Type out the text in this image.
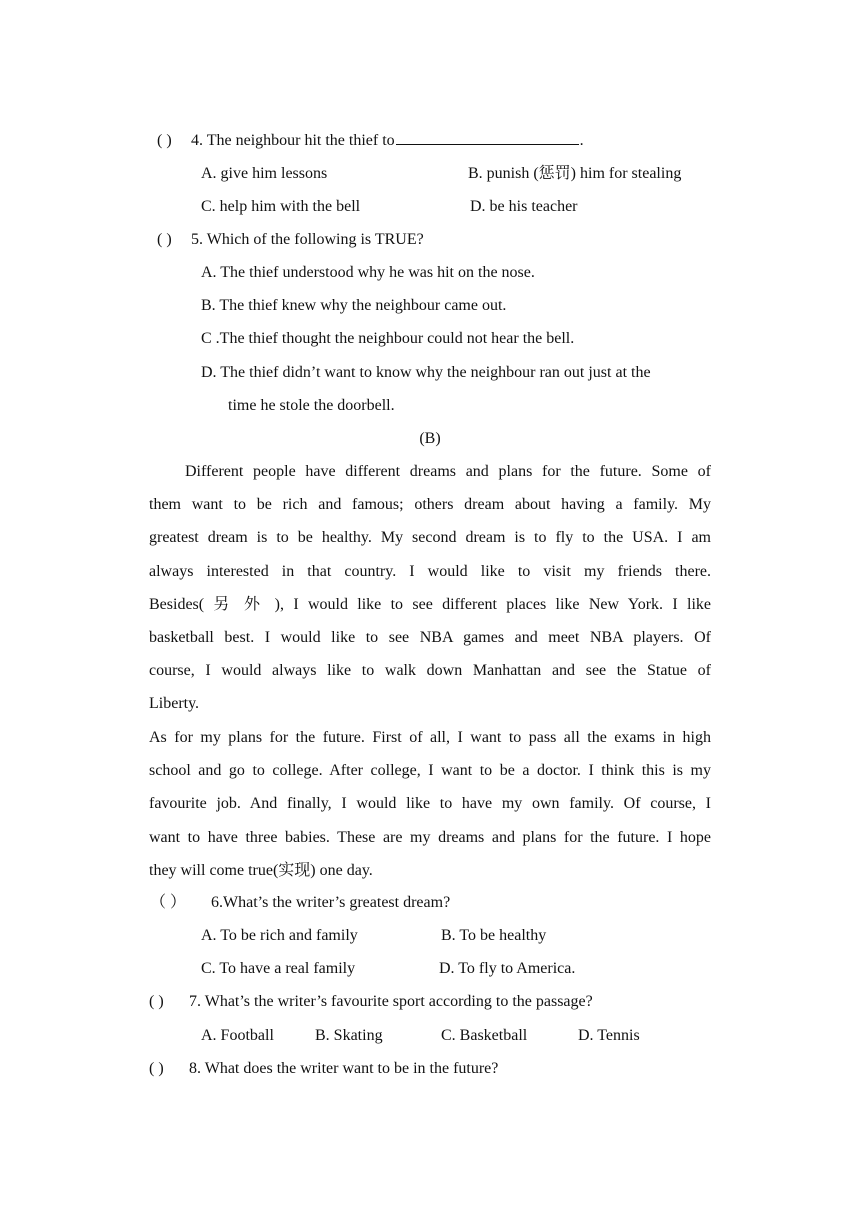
( ) 4. The neighbour hit the thief to	.
A. give him lessons	B. punish (惩罚) him for stealing
C. help him with the bell	D. be his teacher
( ) 5. Which of the following is TRUE?
A. The thief understood why he was hit on the nose.
B. The thief knew why the neighbour came out.
C .The thief thought the neighbour could not hear the bell.
D. The thief didn’t want to know why the neighbour ran out just at the
time he stole the doorbell.
(B)
Different people have different dreams and plans for the future. Some of
them want to be rich and famous; others dream about having a family. My
greatest dream is to be healthy. My second dream is to fly to the USA. I am
always interested in that country. I would like to visit my friends there.
Besides( 另 外 ), I would like to see different places like New York. I like
basketball best. I would like to see NBA games and meet NBA players. Of
course, I would always like to walk down Manhattan and see the Statue of
Liberty.
As for my plans for the future. First of all, I want to pass all the exams in high
school and go to college. After college, I want to be a doctor. I think this is my
favourite job. And finally, I would like to have my own family. Of course, I
want to have three babies. These are my dreams and plans for the future. I hope
they will come true(实现) one day.
（ ） 6.What’s the writer’s greatest dream?
A. To be rich and family	B. To be healthy
C. To have a real family	D. To fly to America.
( ) 7. What’s the writer’s favourite sport according to the passage?
A. Football	B. Skating	C. Basketball	D. Tennis
( ) 8. What does the writer want to be in the future?
